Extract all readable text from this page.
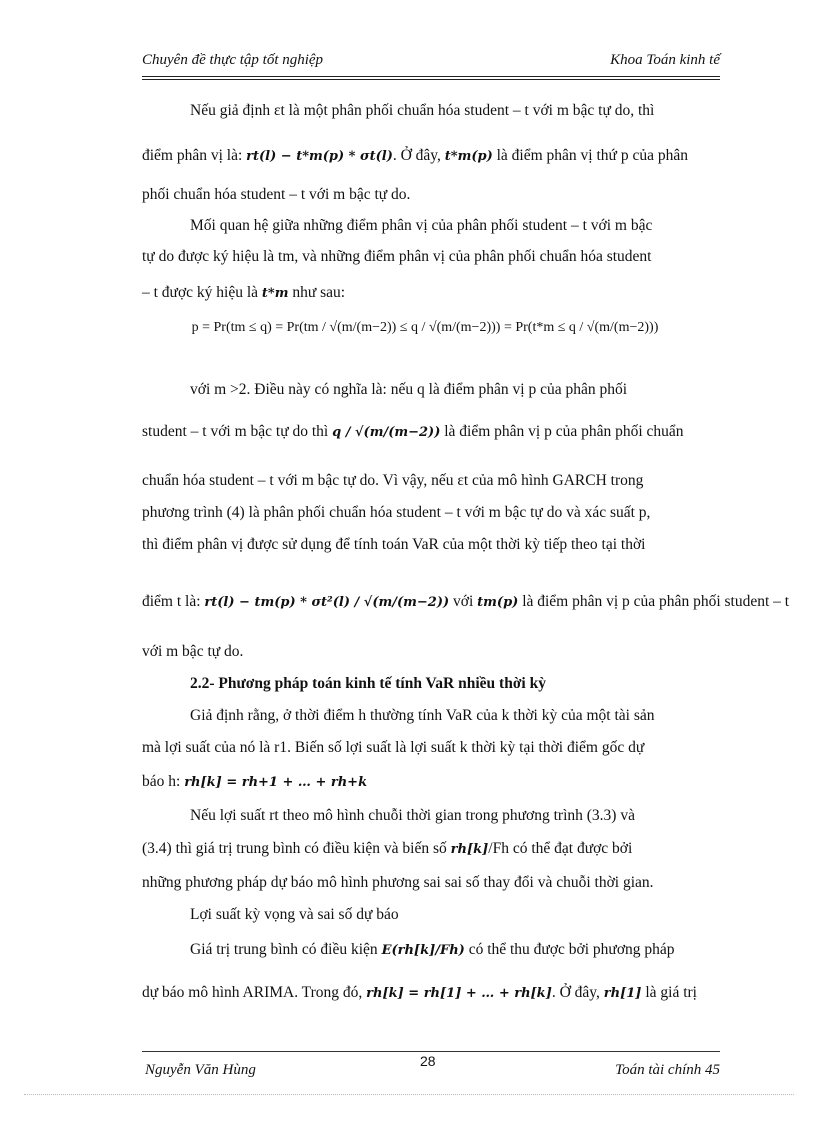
Chuyên đề thực tập tốt nghiệp	Khoa Toán kinh tế
Nếu giả định εt là một phân phối chuẩn hóa student – t với m bậc tự do, thì
điểm phân vị là: rt(l) − t*m(p) * σt(l). Ở đây, t*m(p) là điểm phân vị thứ p của phân
phối chuẩn hóa student – t với m bậc tự do.
Mối quan hệ giữa những điểm phân vị của phân phối student – t với m bậc
tự do được ký hiệu là tm, và những điểm phân vị của phân phối chuẩn hóa student
– t được ký hiệu là t*m như sau:
p = Pr(tm ≤ q) = Pr(tm / √(m/(m−2)) ≤ q / √(m/(m−2))) = Pr(t*m ≤ q / √(m/(m−2)))
với m >2. Điều này có nghĩa là: nếu q là điểm phân vị p của phân phối
student – t với m bậc tự do thì q / √(m/(m−2)) là điểm phân vị p của phân phối chuẩn
chuẩn hóa student – t với m bậc tự do. Vì vậy, nếu εt của mô hình GARCH trong
phương trình (4) là phân phối chuẩn hóa student – t với m bậc tự do và xác suất p,
thì điểm phân vị được sử dụng để tính toán VaR của một thời kỳ tiếp theo tại thời
điểm t là: rt(l) − tm(p) * σt²(l) / √(m/(m−2)) với tm(p) là điểm phân vị p của phân phối student – t
với m bậc tự do.
2.2- Phương pháp toán kinh tế tính VaR nhiều thời kỳ
Giả định rằng, ở thời điểm h thường tính VaR của k thời kỳ của một tài sản
mà lợi suất của nó là r1. Biến số lợi suất là lợi suất k thời kỳ tại thời điểm gốc dự
báo h: rh[k] = rh+1 + … + rh+k
Nếu lợi suất rt theo mô hình chuỗi thời gian trong phương trình (3.3) và
(3.4) thì giá trị trung bình có điều kiện và biến số rh[k]/Fh có thể đạt được bởi
những phương pháp dự báo mô hình phương sai sai số thay đổi và chuỗi thời gian.
Lợi suất kỳ vọng và sai số dự báo
Giá trị trung bình có điều kiện E(rh[k]/Fh) có thể thu được bởi phương pháp
dự báo mô hình ARIMA. Trong đó, rh[k] = rh[1] + … + rh[k]. Ở đây, rh[1] là giá trị
Nguyễn Văn Hùng
28
Toán tài chính 45
